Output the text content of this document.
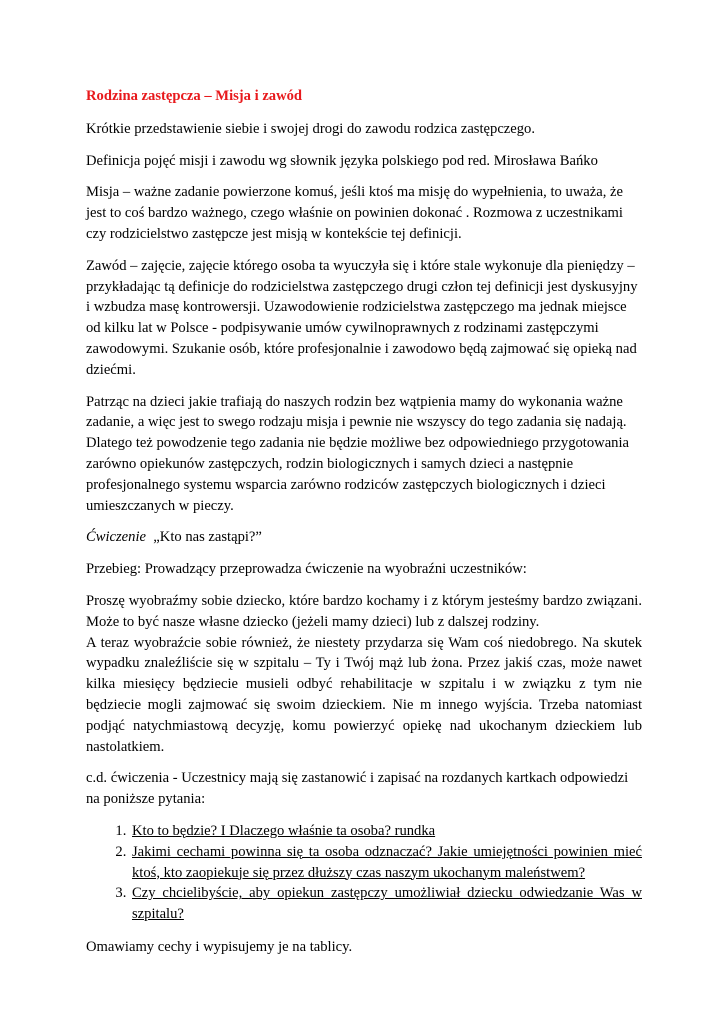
Rodzina zastępcza – Misja i zawód

Krótkie przedstawienie siebie i swojej drogi do zawodu rodzica zastępczego.

Definicja pojęć misji i zawodu wg słownik języka polskiego pod red. Mirosława Bańko

Misja – ważne zadanie powierzone komuś, jeśli ktoś ma misję do wypełnienia, to uważa, że jest to coś bardzo ważnego, czego właśnie on powinien dokonać . Rozmowa z uczestnikami czy rodzicielstwo zastępcze jest misją w kontekście tej definicji.

Zawód – zajęcie, zajęcie którego osoba ta wyuczyła się i które stale wykonuje dla pieniędzy – przykładając tą definicje do rodzicielstwa zastępczego drugi człon tej definicji jest dyskusyjny i wzbudza masę kontrowersji. Uzawodowienie rodzicielstwa zastępczego ma jednak miejsce od kilku lat w Polsce - podpisywanie umów cywilnoprawnych z rodzinami zastępczymi zawodowymi. Szukanie osób, które profesjonalnie i zawodowo będą zajmować się opieką nad dziećmi.

Patrząc na dzieci jakie trafiają do naszych rodzin bez wątpienia mamy do wykonania ważne zadanie, a więc jest to swego rodzaju misja i pewnie nie wszyscy do tego zadania się nadają. Dlatego też powodzenie tego zadania nie będzie możliwe bez odpowiedniego przygotowania zarówno opiekunów zastępczych, rodzin biologicznych i samych dzieci a następnie profesjonalnego systemu wsparcia zarówno rodziców zastępczych biologicznych i dzieci umieszczanych w pieczy.

Ćwiczenie „Kto nas zastąpi?”

Przebieg: Prowadzący przeprowadza ćwiczenie na wyobraźni uczestników:

Proszę wyobraźmy sobie dziecko, które bardzo kochamy i z którym jesteśmy bardzo związani. Może to być nasze własne dziecko (jeżeli mamy dzieci) lub z dalszej rodziny.

A teraz wyobraźcie sobie również, że niestety przydarza się Wam coś niedobrego. Na skutek wypadku znaleźliście się w szpitalu – Ty i Twój mąż lub żona. Przez jakiś czas, może nawet kilka miesięcy będziecie musieli odbyć rehabilitacje w szpitalu i w związku z tym nie będziecie mogli zajmować się swoim dzieckiem. Nie m innego wyjścia. Trzeba natomiast podjąć natychmiastową decyzję, komu powierzyć opiekę nad ukochanym dzieckiem lub nastolatkiem.

c.d. ćwiczenia - Uczestnicy mają się zastanowić i zapisać na rozdanych kartkach odpowiedzi na poniższe pytania:

1. Kto to będzie? I Dlaczego właśnie ta osoba? rundka
2. Jakimi cechami powinna się ta osoba odznaczać? Jakie umiejętności powinien mieć ktoś, kto zaopiekuje się przez dłuższy czas naszym ukochanym maleństwem?
3. Czy chcielibyście, aby opiekun zastępczy umożliwiał dziecku odwiedzanie Was w szpitalu?

Omawiamy cechy i wypisujemy je na tablicy.
